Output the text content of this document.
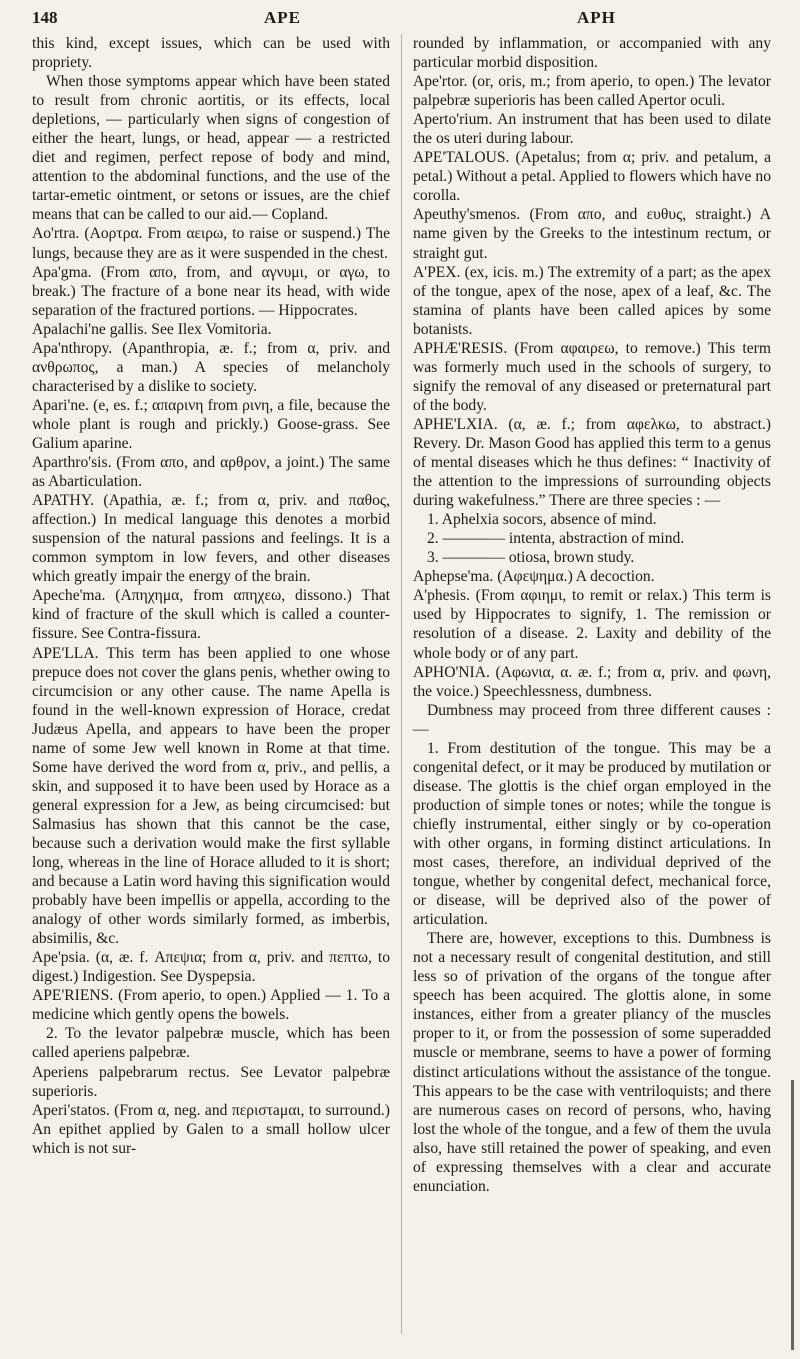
148	APE	APH

this kind, except issues, which can be used with propriety.

When those symptoms appear which have been stated to result from chronic aortitis, or its effects, local depletions, — particularly when signs of congestion of either the heart, lungs, or head, appear — a restricted diet and regimen, perfect repose of body and mind, attention to the abdominal functions, and the use of the tartar-emetic ointment, or setons or issues, are the chief means that can be called to our aid.— Copland.

Ao'rtra. (Αορτρα. From αειρω, to raise or suspend.) The lungs, because they are as it were suspended in the chest.

Apa'gma. (From απο, from, and αγνυμι, or αγω, to break.) The fracture of a bone near its head, with wide separation of the fractured portions. — Hippocrates.

Apalachi'ne gallis. See Ilex Vomitoria.

Apa'nthropy. (Apanthropia, æ. f.; from α, priv. and ανθρωπος, a man.) A species of melancholy characterised by a dislike to society.

Apari'ne. (e, es. f.; απαρινη from ρινη, a file, because the whole plant is rough and prickly.) Goose-grass. See Galium aparine.

Aparthro'sis. (From απο, and αρθρον, a joint.) The same as Abarticulation.

APATHY. (Apathia, æ. f.; from α, priv. and παθος, affection.) In medical language this denotes a morbid suspension of the natural passions and feelings. It is a common symptom in low fevers, and other diseases which greatly impair the energy of the brain.

Apeche'ma. (Απηχημα, from απηχεω, dissono.) That kind of fracture of the skull which is called a counter-fissure. See Contra-fissura.

APE'LLA. This term has been applied to one whose prepuce does not cover the glans penis, whether owing to circumcision or any other cause. The name Apella is found in the well-known expression of Horace, credat Judæus Apella, and appears to have been the proper name of some Jew well known in Rome at that time. Some have derived the word from α, priv., and pellis, a skin, and supposed it to have been used by Horace as a general expression for a Jew, as being circumcised: but Salmasius has shown that this cannot be the case, because such a derivation would make the first syllable long, whereas in the line of Horace alluded to it is short; and because a Latin word having this signification would probably have been impellis or appella, according to the analogy of other words similarly formed, as imberbis, absimilis, &c.

Ape'psia. (α, æ. f. Απεψια; from α, priv. and πεπτω, to digest.) Indigestion. See Dyspepsia.

APE'RIENS. (From aperio, to open.) Applied — 1. To a medicine which gently opens the bowels.

2. To the levator palpebræ muscle, which has been called aperiens palpebræ.

Aperiens palpebrarum rectus. See Levator palpebræ superioris.

Aperi'statos. (From α, neg. and περιστaμαι, to surround.) An epithet applied by Galen to a small hollow ulcer which is not sur-

rounded by inflammation, or accompanied with any particular morbid disposition.

Ape'rtor. (or, oris, m.; from aperio, to open.) The levator palpebræ superioris has been called Apertor oculi.

Aperto'rium. An instrument that has been used to dilate the os uteri during labour.

APE'TALOUS. (Apetalus; from α; priv. and petalum, a petal.) Without a petal. Applied to flowers which have no corolla.

Apeuthy'smenos. (From απο, and ευθυς, straight.) A name given by the Greeks to the intestinum rectum, or straight gut.

A'PEX. (ex, icis. m.) The extremity of a part; as the apex of the tongue, apex of the nose, apex of a leaf, &c. The stamina of plants have been called apices by some botanists.

APHÆ'RESIS. (From αφαιρεω, to remove.) This term was formerly much used in the schools of surgery, to signify the removal of any diseased or preternatural part of the body.

APHE'LXIA. (α, æ. f.; from αφελκω, to abstract.) Revery. Dr. Mason Good has applied this term to a genus of mental diseases which he thus defines: “ Inactivity of the attention to the impressions of surrounding objects during wakefulness.” There are three species : —

1. Aphelxia socors, absence of mind.

2. ———— intenta, abstraction of mind.

3. ———— otiosa, brown study.

Aphepse'ma. (Αφεψημα.) A decoction.

A'phesis. (From αφιημι, to remit or relax.) This term is used by Hippocrates to signify, 1. The remission or resolution of a disease. 2. Laxity and debility of the whole body or of any part.

APHO'NIA. (Αφωνια, α. æ. f.; from α, priv. and φωνη, the voice.) Speechlessness, dumbness.

Dumbness may proceed from three different causes : —

1. From destitution of the tongue. This may be a congenital defect, or it may be produced by mutilation or disease. The glottis is the chief organ employed in the production of simple tones or notes; while the tongue is chiefly instrumental, either singly or by co-operation with other organs, in forming distinct articulations. In most cases, therefore, an individual deprived of the tongue, whether by congenital defect, mechanical force, or disease, will be deprived also of the power of articulation.

There are, however, exceptions to this. Dumbness is not a necessary result of congenital destitution, and still less so of privation of the organs of the tongue after speech has been acquired. The glottis alone, in some instances, either from a greater pliancy of the muscles proper to it, or from the possession of some superadded muscle or membrane, seems to have a power of forming distinct articulations without the assistance of the tongue. This appears to be the case with ventriloquists; and there are numerous cases on record of persons, who, having lost the whole of the tongue, and a few of them the uvula also, have still retained the power of speaking, and even of expressing themselves with a clear and accurate enunciation.
